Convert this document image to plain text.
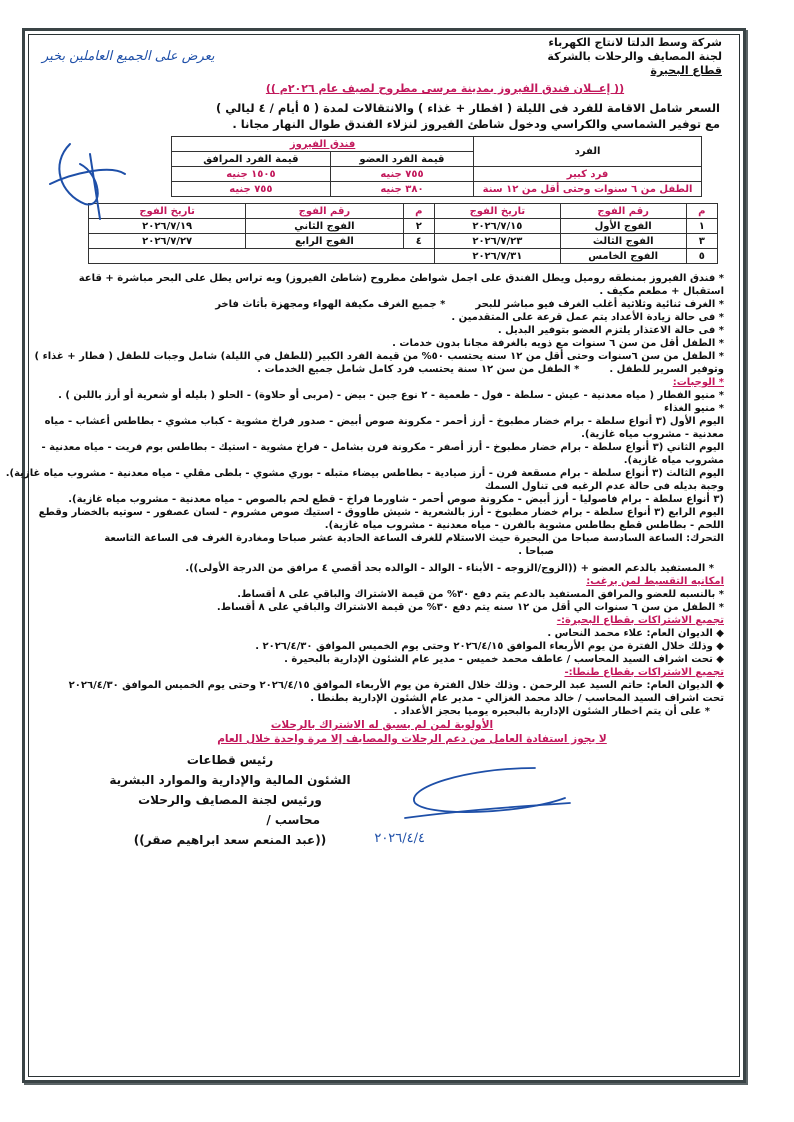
شركة وسط الدلتا لانتاج الكهرباء
لجنة المصايف والرحلات بالشركة
قطاع البحيرة
(( إعــلان فندق الفيروز بمدينة مرسى مطروح لصيف عام ٢٠٢٦م ))
السعر شامل الاقامة للفرد فى الليلة ( افطار + غذاء ) والانتقالات لمدة ( ٥ أيام / ٤ ليالي )
مع توفير الشماسي والكراسي ودخول شاطئ الفيروز لنزلاء الفندق طوال النهار مجانا .
الفرد	فندق الفيروز	
	قيمة الفرد العضو	قيمة الفرد المرافق
فرد كبير	٧٥٥ جنيه	١٥٠٥ جنيه
الطفل من ٦ سنوات وحتى أقل من ١٢ سنة	٣٨٠ جنيه	٧٥٥ جنيه
م	رقم الفوج	تاريخ الفوج	م	رقم الفوج	تاريخ الفوج
١	الفوج الأول	٢٠٢٦/٧/١٥	٢	الفوج الثاني	٢٠٢٦/٧/١٩
٣	الفوج الثالث	٢٠٢٦/٧/٢٣	٤	الفوج الرابع	٢٠٢٦/٧/٢٧
٥	الفوج الخامس	٢٠٢٦/٧/٣١			
* فندق الفيروز بمنطقه روميل ويطل الفندق على اجمل شواطئ مطروح (شاطئ الفيروز) وبه تراس يطل على البحر مباشرة + قاعة
استقبال + مطعم مكيف .
* الغرف ثنائية وثلاثية أغلب الغرف فيو مباشر للبحر
* جميع الغرف مكيفة الهواء ومجهزة بأثاث فاخر
* فى حالة زيادة الأعداد يتم عمل قرعة على المتقدمين .
* فى حالة الاعتذار يلتزم العضو بتوفير البديل .
* الطفل أقل من سن ٦ سنوات مع ذويه بالغرفة مجانا بدون خدمات .
* الطفل من سن ٦سنوات وحتى أقل من ١٢ سنه يحتسب ٥٠% من قيمة الفرد الكبير (للطفل في الليلة) شامل وجبات للطفل ( فطار + غذاء )
وتوفير السرير للطفل .
* الطفل من سن ١٢ سنة يحتسب فرد كامل شامل جميع الخدمات .
* الوجبات:
* منيو الفطار ( مياه معدنية - عيش - سلطة - فول - طعمية - ٢ نوع جبن - بيض - (مربى أو حلاوة) - الحلو ( بليله أو شعرية أو أرز باللبن ) .
* منيو الغذاء
اليوم الأول (٣ أنواع سلطة - برام خضار مطبوخ - أرز أحمر - مكرونة صوص أبيض - صدور فراخ مشوية - كباب مشوي - بطاطس أعشاب - مياه
معدنية - مشروب مياه غازية).
اليوم الثاني (٣ أنواع سلطة - برام خضار مطبوخ - أرز أصفر - مكرونة فرن بشامل - فراخ مشوية - استيك - بطاطس بوم فريت - مياه معدنية -
مشروب مياه غازية).
اليوم الثالث (٣ أنواع سلطة - برام مسقعة فرن - أرز صيادية - بطاطس بيضاء متبله - بوري مشوي - بلطى مقلي - مياه معدنية - مشروب مياه غازية).
وجبة بديله فى حالة عدم الرغبه فى تناول السمك
(٣ أنواع سلطة - برام فاصوليا - أرز أبيض - مكرونة صوص أحمر - شاورما فراخ - قطع لحم بالصوص - مياه معدنية - مشروب مياه غازية).
اليوم الرابع (٣ أنواع سلطة - برام خضار مطبوخ - أرز بالشعرية - شيش طاووق - استيك صوص مشروم - لسان عصفور - سوتيه بالخضار وقطع
اللحم - بطاطس قطع بطاطس مشوية بالفرن - مياه معدنية - مشروب مياه غازية).
التحرك: الساعة السادسة صباحا من البحيرة حيث الاستلام للغرف الساعة الحادية عشر صباحا ومغادرة الغرف فى الساعة التاسعة
صباحا .
* المستفيد بالدعم العضو + ((الزوج/الزوجه - الأبناء - الوالد - الوالده بحد أقصي ٤ مرافق من الدرجة الأولى)).
امكانيه التقسيط لمن يرغب:
* بالنسبه للعضو والمرافق المستفيد بالدعم يتم دفع ٣٠% من قيمة الاشتراك والباقي على ٨ أقساط.
* الطفل من سن ٦ سنوات الي أقل من ١٢ سنه يتم دفع ٣٠% من قيمة الاشتراك والباقي على ٨ أقساط.
تجميع الاشتراكات بقطاع البحيرة:-
◆ الديوان العام: علاء محمد النحاس .
◆ وذلك خلال الفترة من يوم الأربعاء الموافق ٢٠٢٦/٤/١٥ وحتى يوم الخميس الموافق ٢٠٢٦/٤/٣٠ .
◆ تحت اشراف السيد المحاسب / عاطف محمد خميس - مدير عام الشئون الإدارية بالبحيرة .
تجميع الاشتراكات بقطاع طنطا:-
◆ الديوان العام: حاتم السيد عبد الرحمن . وذلك خلال الفترة من يوم الأربعاء الموافق ٢٠٢٦/٤/١٥ وحتى يوم الخميس الموافق ٢٠٢٦/٤/٣٠
تحت اشراف السيد المحاسب / خالد محمد الغزالي - مدير عام الشئون الإدارية بطنطا .
* على أن يتم اخطار الشئون الإدارية بالبحيره يوميا بحجز الأعداد .
الأولوية لمن لم يسبق له الاشتراك بالرحلات
لا يجوز استفادة العامل من دعم الرحلات والمصايف إلا مرة واحدة خلال العام
رئيس قطاعات
الشئون المالية والإدارية والموارد البشرية
ورئيس لجنة المصايف والرحلات
محاسب /
((عبد المنعم سعد ابراهيم صقر))	٢٠٢٦/٤/٤
يعرض على الجميع العاملين بخير
